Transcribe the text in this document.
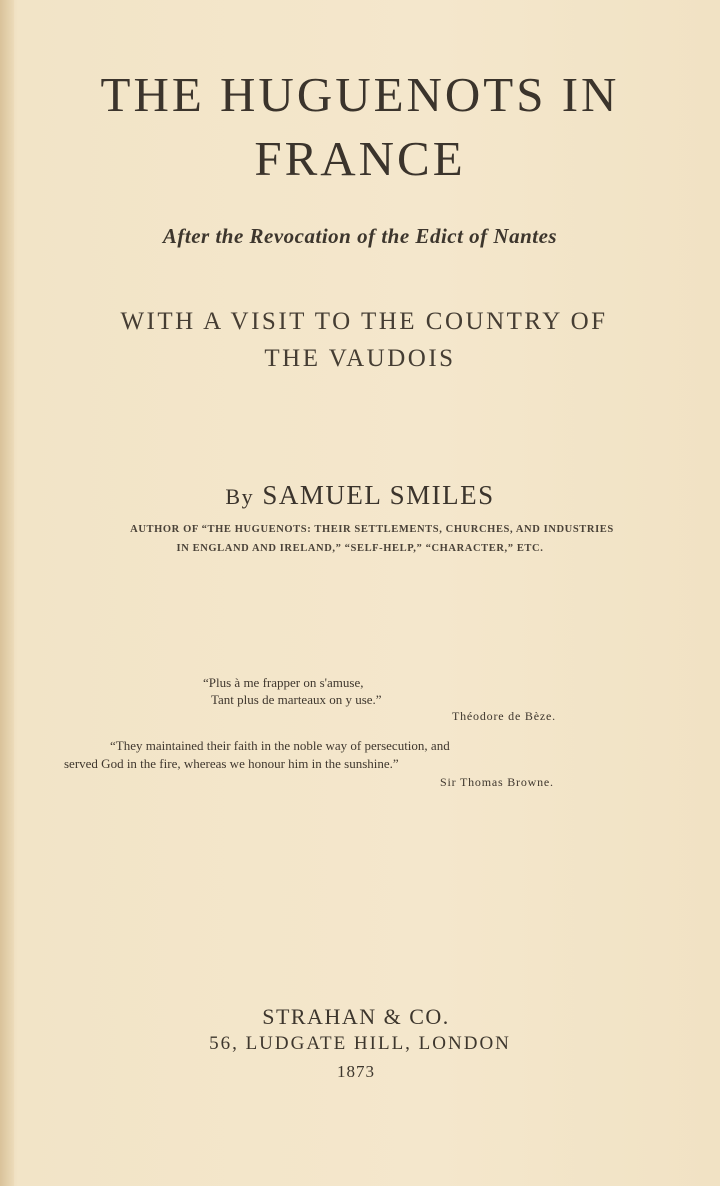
THE HUGUENOTS IN
FRANCE
After the Revocation of the Edict of Nantes
WITH A VISIT TO THE COUNTRY OF
THE VAUDOIS
By SAMUEL SMILES
AUTHOR OF “THE HUGUENOTS: THEIR SETTLEMENTS, CHURCHES, AND INDUSTRIES
IN ENGLAND AND IRELAND,” “SELF-HELP,” “CHARACTER,” ETC.
“Plus à me frapper on s'amuse,
Tant plus de marteaux on y use.”
Théodore de Bèze.
“They maintained their faith in the noble way of persecution, and
served God in the fire, whereas we honour him in the sunshine.”
Sir Thomas Browne.
STRAHAN & CO.
56, LUDGATE HILL, LONDON
1873
